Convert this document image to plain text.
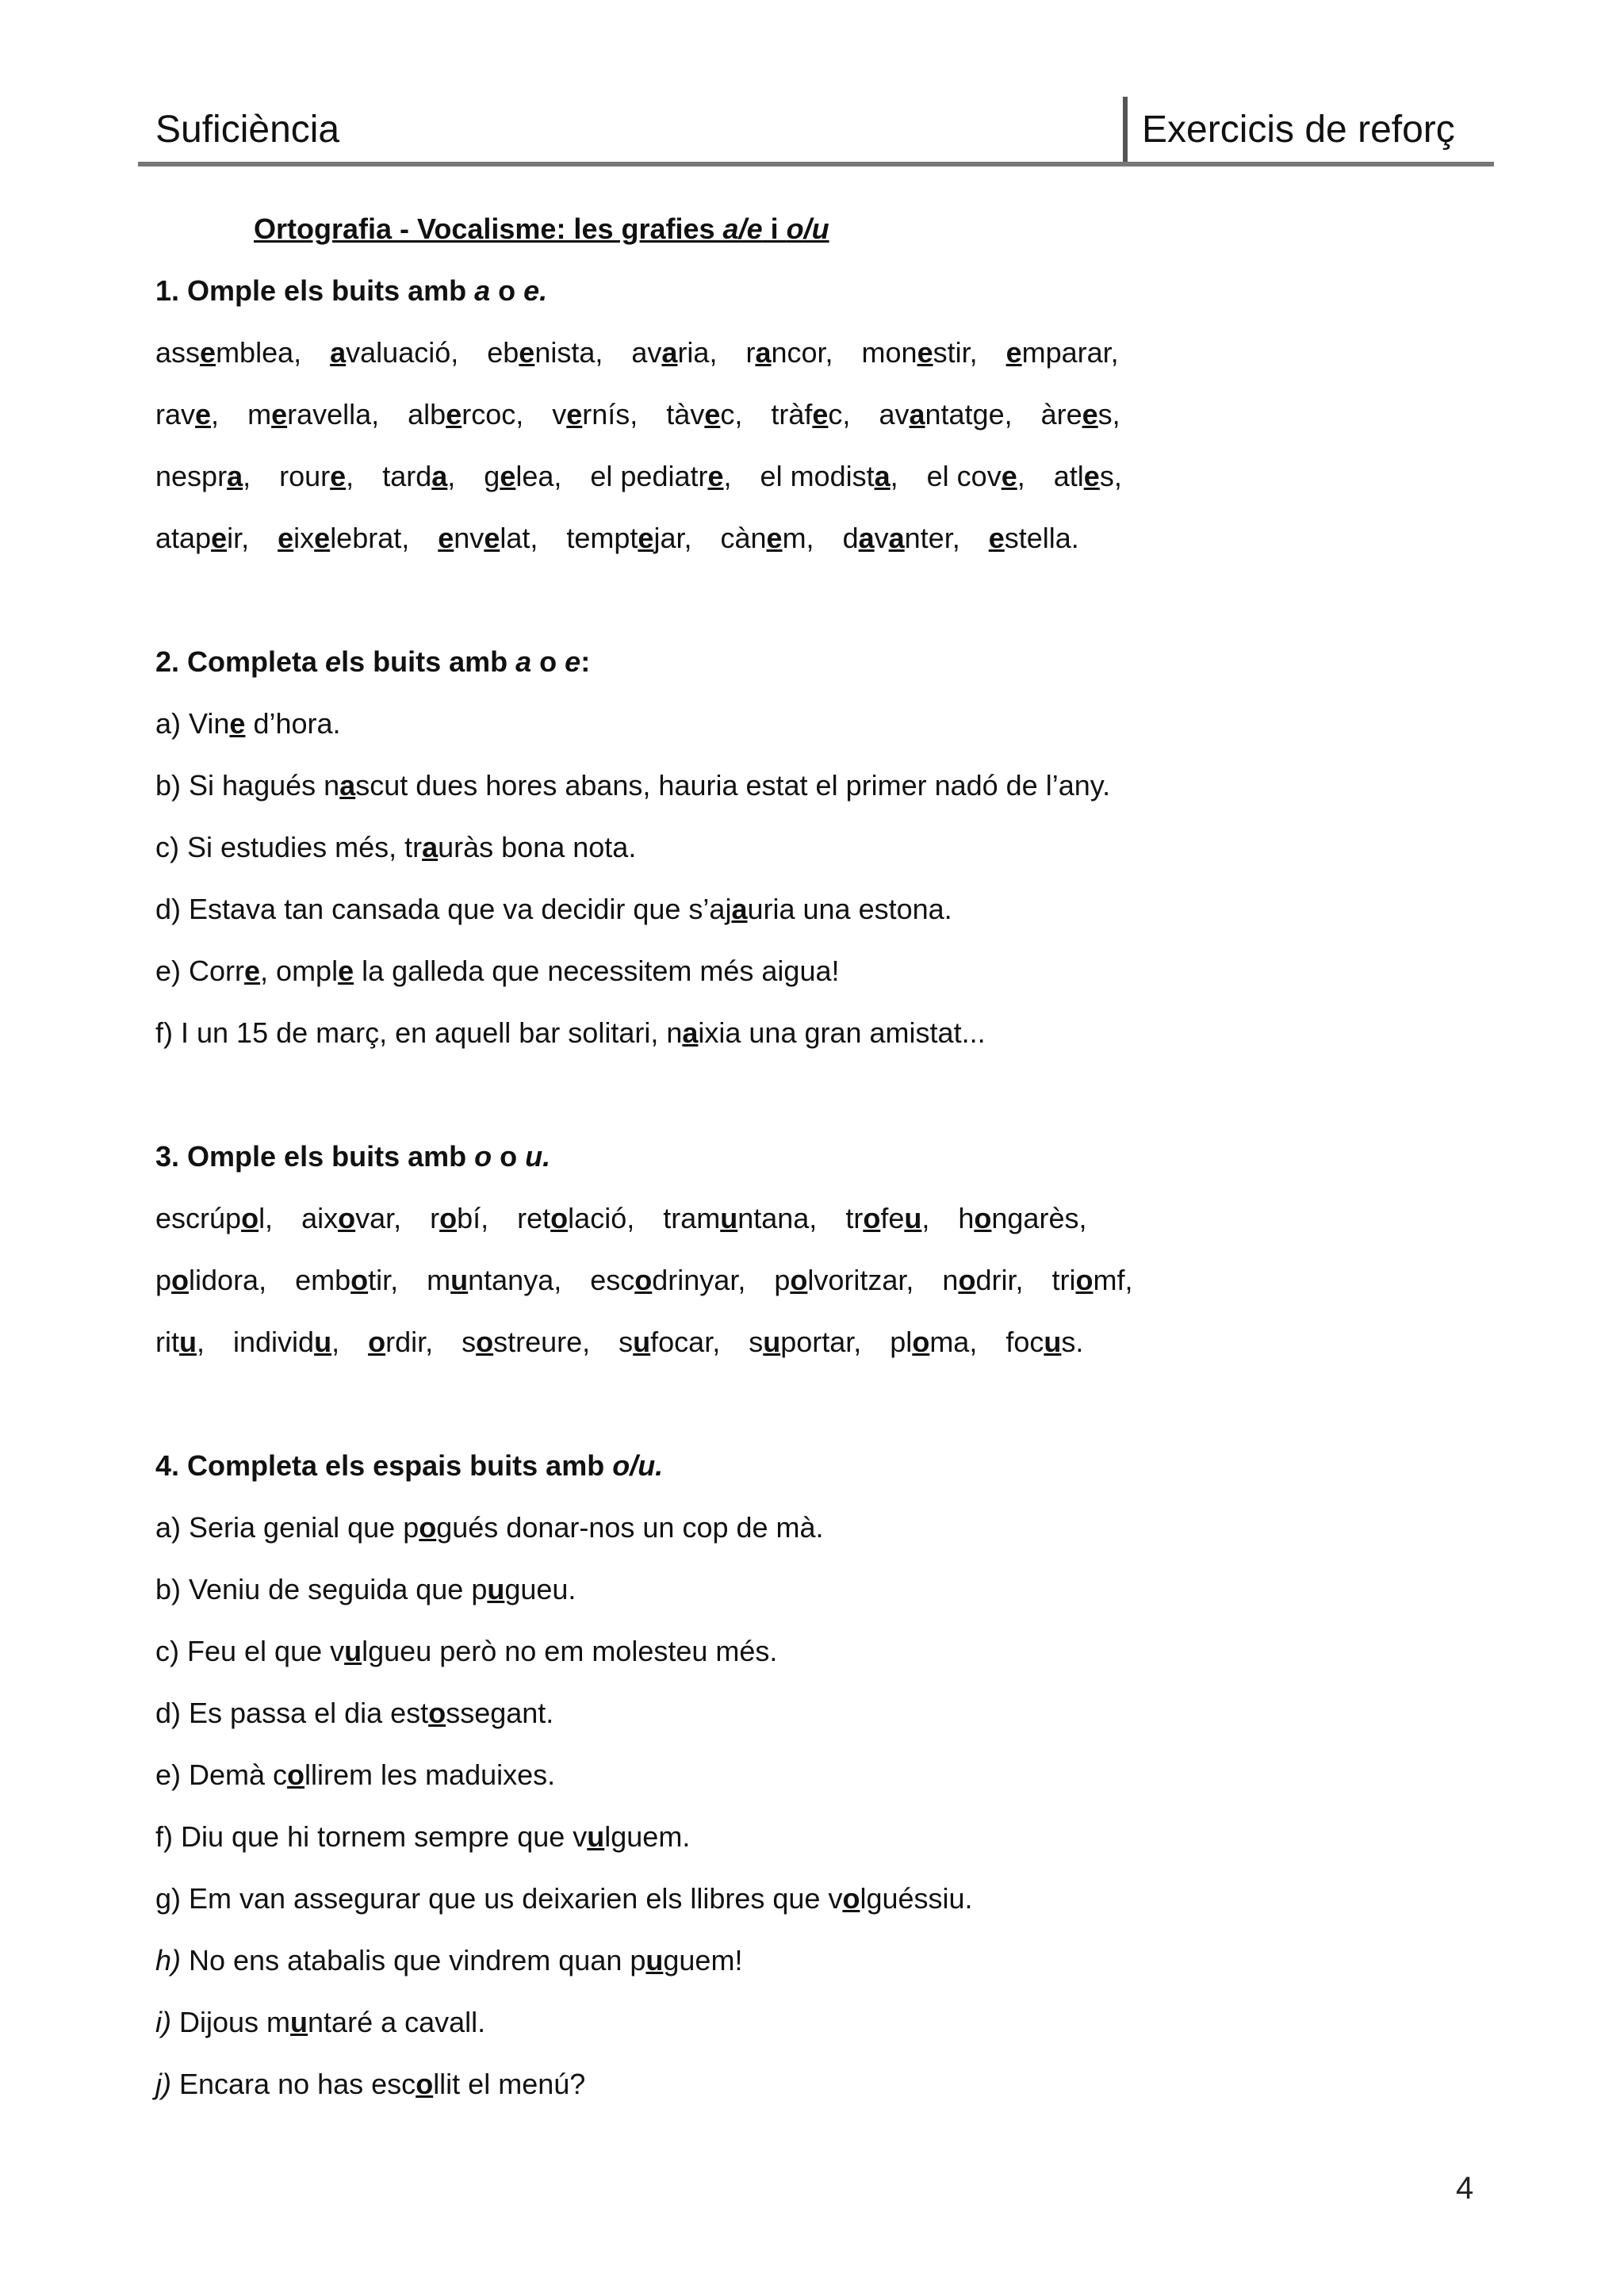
Suficiència	Exercicis de reforç
Ortografia - Vocalisme: les grafies a/e i o/u
1. Omple els buits amb a o e.
assemblea, avaluació, ebenista, avaria, rancor, monestir, emparar,
rave, meravella, albercoc, vernís, tàvec, tràfec, avantatge, àrees,
nespra, roure, tarda, gelea, el pediatre, el modista, el cove, atles,
atapeir, eixelebrat, envelat, temptejar, cànem, davanter, estella.
2. Completa els buits amb a o e:
a) Vine d’hora.
b) Si hagués nascut dues hores abans, hauria estat el primer nadó de l’any.
c) Si estudies més, trauràs bona nota.
d) Estava tan cansada que va decidir que s’ajauria una estona.
e) Corre, omple la galleda que necessitem més aigua!
f) I un 15 de març, en aquell bar solitari, naixia una gran amistat...
3. Omple els buits amb o o u.
escrúpol, aixovar, robí, retolació, tramuntana, trofeu, hongarès,
polidora, embotir, muntanya, escodrinyar, polvoritzar, nodrir, triomf,
ritu, individu, ordir, sostreure, sufocar, suportar, ploma, focus.
4. Completa els espais buits amb o/u.
a) Seria genial que pogués donar-nos un cop de mà.
b) Veniu de seguida que pugueu.
c) Feu el que vulgueu però no em molesteu més.
d) Es passa el dia estossegant.
e) Demà collirem les maduixes.
f) Diu que hi tornem sempre que vulguem.
g) Em van assegurar que us deixarien els llibres que volguéssiu.
h) No ens atabalis que vindrem quan puguem!
i) Dijous muntaré a cavall.
j) Encara no has escollit el menú?
4
